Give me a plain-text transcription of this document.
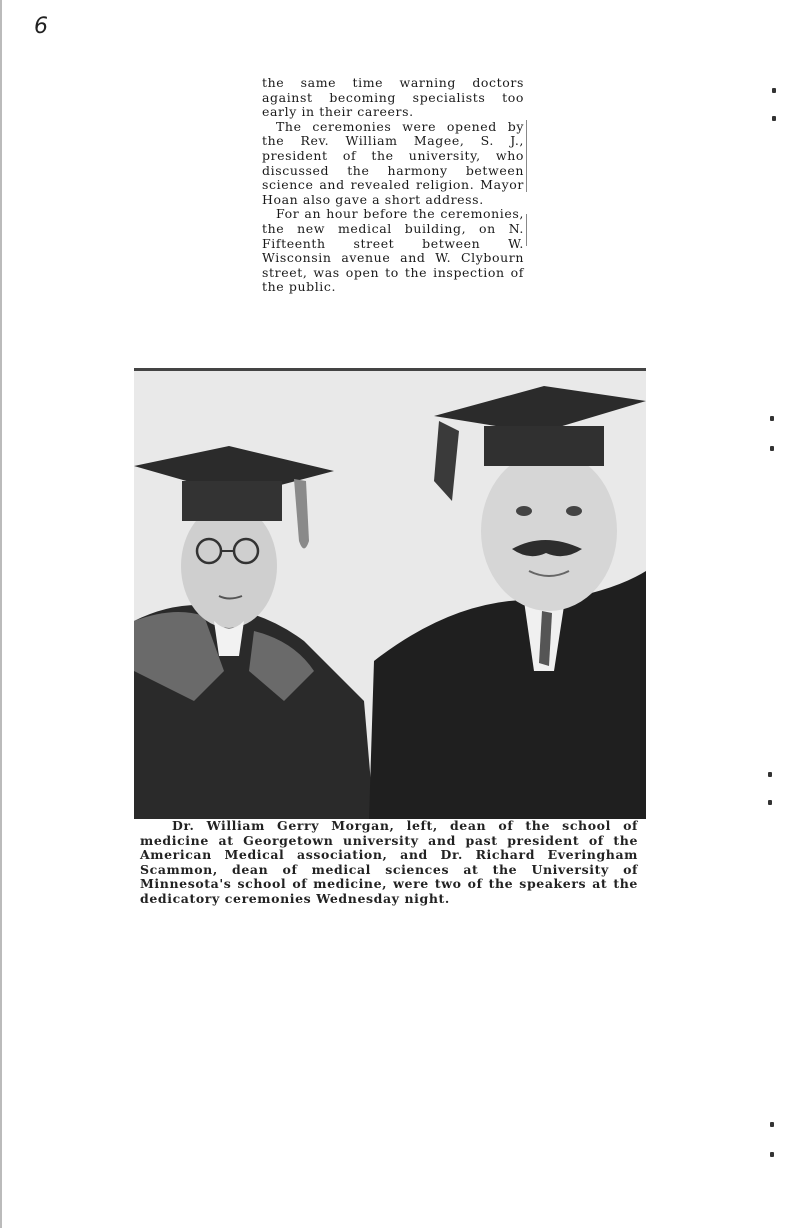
6

the same time warning doctors against becoming specialists too early in their careers.

The ceremonies were opened by the Rev. William Magee, S. J., president of the university, who discussed the harmony between science and revealed religion. Mayor Hoan also gave a short address.

For an hour before the ceremonies, the new medical building, on N. Fifteenth street between W. Wisconsin avenue and W. Clybourn street, was open to the inspection of the public.

Dr. William Gerry Morgan, left, dean of the school of medicine at Georgetown university and past president of the American Medical association, and Dr. Richard Everingham Scammon, dean of medical sciences at the University of Minnesota's school of medicine, were two of the speakers at the dedicatory ceremonies Wednesday night.
